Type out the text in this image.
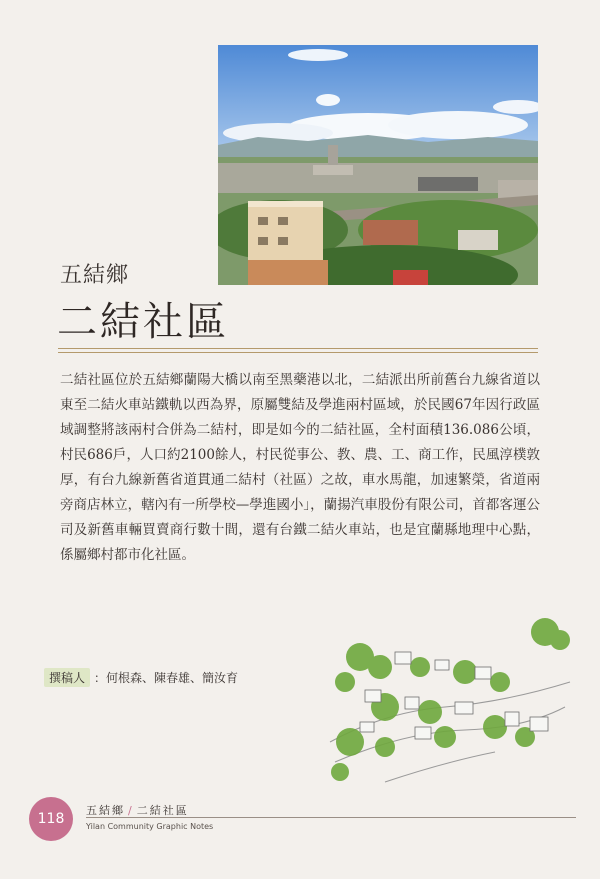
五結鄉
二結社區

二結社區位於五結鄉蘭陽大橋以南至黑藥港以北，二結派出所前舊台九線省道以東至二結火車站鐵軌以西為界，原屬雙結及學進兩村區域，於民國67年因行政區域調整將該兩村合併為二結村，即是如今的二結社區，全村面積136.086公頃，村民686戶，人口約2100餘人，村民從事公、教、農、工、商工作，民風淳樸敦厚，有台九線新舊省道貫通二結村（社區）之故，車水馬龍，加速繁榮，省道兩旁商店林立，轄內有一所學校—學進國小」，蘭揚汽車股份有限公司，首都客運公司及新舊車輛買賣商行數十間，還有台鐵二結火車站，也是宜蘭縣地理中心點，係屬鄉村都市化社區。

撰稿人 ：何根森、陳春雄、簡汝育
118
五結鄉 / 二結社區
Yilan Community Graphic Notes
